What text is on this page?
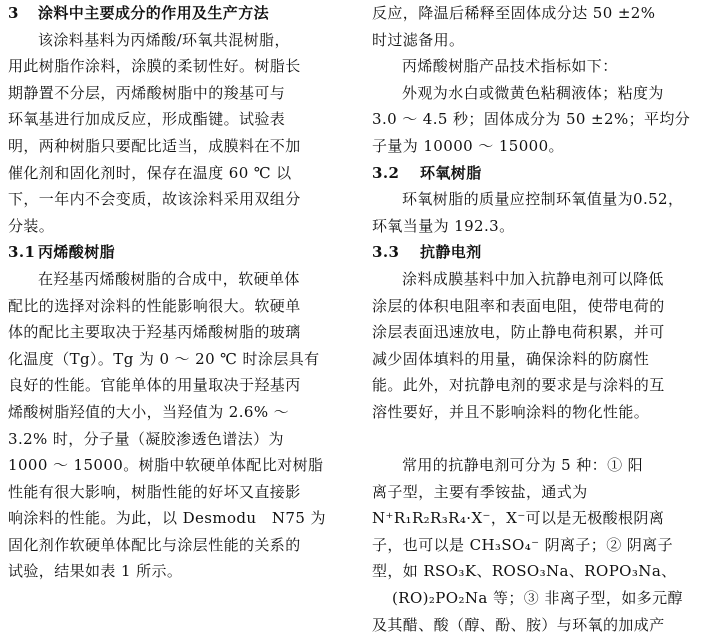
3 涂料中主要成分的作用及生产方法
该涂料基料为丙烯酸/环氧共混树脂，
用此树脂作涂料，涂膜的柔韧性好。树脂长
期静置不分层，丙烯酸树脂中的羧基可与
环氧基进行加成反应，形成酯键。试验表
明，两种树脂只要配比适当，成膜料在不加
催化剂和固化剂时，保存在温度 60 ℃ 以
下，一年内不会变质，故该涂料采用双组分
分装。
3.1 丙烯酸树脂
在羟基丙烯酸树脂的合成中，软硬单体
配比的选择对涂料的性能影响很大。软硬单
体的配比主要取决于羟基丙烯酸树脂的玻璃
化温度（Tg）。Tg 为 0 ～ 20 ℃ 时涂层具有
良好的性能。官能单体的用量取决于羟基丙
烯酸树脂羟值的大小，当羟值为 2.6% ～
3.2% 时，分子量（凝胶渗透色谱法）为
1000 ～ 15000。树脂中软硬单体配比对树脂
性能有很大影响，树脂性能的好坏又直接影
响涂料的性能。为此，以 Desmodu　N75 为
固化剂作软硬单体配比与涂层性能的关系的
试验，结果如表 1 所示。
反应，降温后稀释至固体成分达 50 ±2%
时过滤备用。
丙烯酸树脂产品技术指标如下：
外观为水白或微黄色粘稠液体；粘度为
3.0 ～ 4.5 秒；固体成分为 50 ±2%；平均分
子量为 10000 ～ 15000。
3.2 环氧树脂
环氧树脂的质量应控制环氧值量为0.52，
环氧当量为 192.3。
3.3 抗静电剂
涂料成膜基料中加入抗静电剂可以降低
涂层的体积电阻率和表面电阻，使带电荷的
涂层表面迅速放电，防止静电荷积累，并可
减少固体填料的用量，确保涂料的防腐性
能。此外，对抗静电剂的要求是与涂料的互
溶性要好，并且不影响涂料的物化性能。
常用的抗静电剂可分为 5 种：① 阳
离子型，主要有季铵盐，通式为
N⁺R₁R₂R₃R₄·X⁻，X⁻可以是无极酸根阴离
子，也可以是 CH₃SO₄⁻ 阴离子；② 阴离子
型，如 RSO₃K、ROSO₃Na、ROPO₃Na、
(RO)₂PO₂Na 等；③ 非离子型，如多元醇
及其醋、酸（醇、酚、胺）与环氧的加成产
